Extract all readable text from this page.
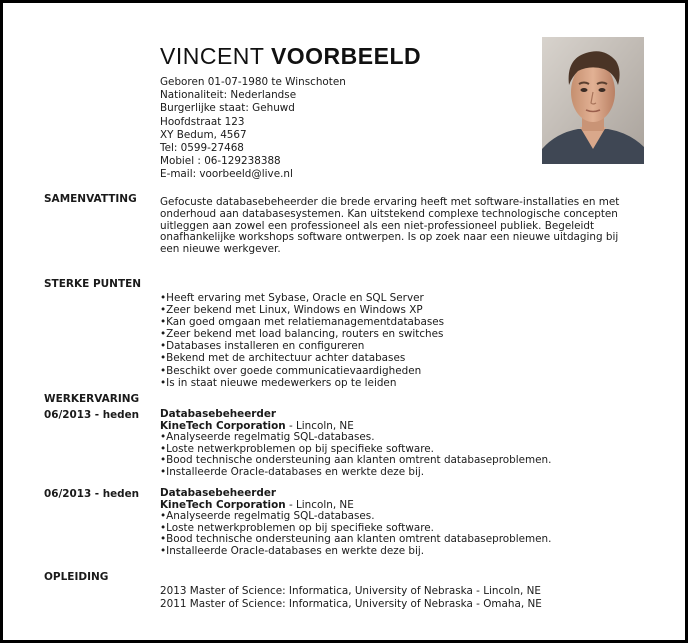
VINCENT VOORBEELD
Geboren 01-07-1980 te Winschoten
Nationaliteit: Nederlandse
Burgerlijke staat: Gehuwd
Hoofdstraat 123
XY Bedum, 4567
Tel: 0599-27468
Mobiel : 06-129238388
E-mail: voorbeeld@live.nl
SAMENVATTING Gefocuste databasebeheerder die brede ervaring heeft met software-installaties en met onderhoud aan databasesystemen. Kan uitstekend complexe technologische concepten uitleggen aan zowel een professioneel als een niet-professioneel publiek. Begeleidt onafhankelijke workshops software ontwerpen. Is op zoek naar een nieuwe uitdaging bij een nieuwe werkgever.
STERKE PUNTEN
• Heeft ervaring met Sybase, Oracle en SQL Server
• Zeer bekend met Linux, Windows en Windows XP
• Kan goed omgaan met relatiemanagementdatabases
• Zeer bekend met load balancing, routers en switches
• Databases installeren en configureren
• Bekend met de architectuur achter databases
• Beschikt over goede communicatievaardigheden
• Is in staat nieuwe medewerkers op te leiden
WERKERVARING
06/2013 - heden Databasebeheerder
KineTech Corporation - Lincoln, NE
• Analyseerde regelmatig SQL-databases.
• Loste netwerkproblemen op bij specifieke software.
• Bood technische ondersteuning aan klanten omtrent databaseproblemen.
• Installeerde Oracle-databases en werkte deze bij.
06/2013 - heden Databasebeheerder
KineTech Corporation - Lincoln, NE
• Analyseerde regelmatig SQL-databases.
• Loste netwerkproblemen op bij specifieke software.
• Bood technische ondersteuning aan klanten omtrent databaseproblemen.
• Installeerde Oracle-databases en werkte deze bij.
OPLEIDING
2013 Master of Science: Informatica, University of Nebraska - Lincoln, NE
2011 Master of Science: Informatica, University of Nebraska - Omaha, NE
